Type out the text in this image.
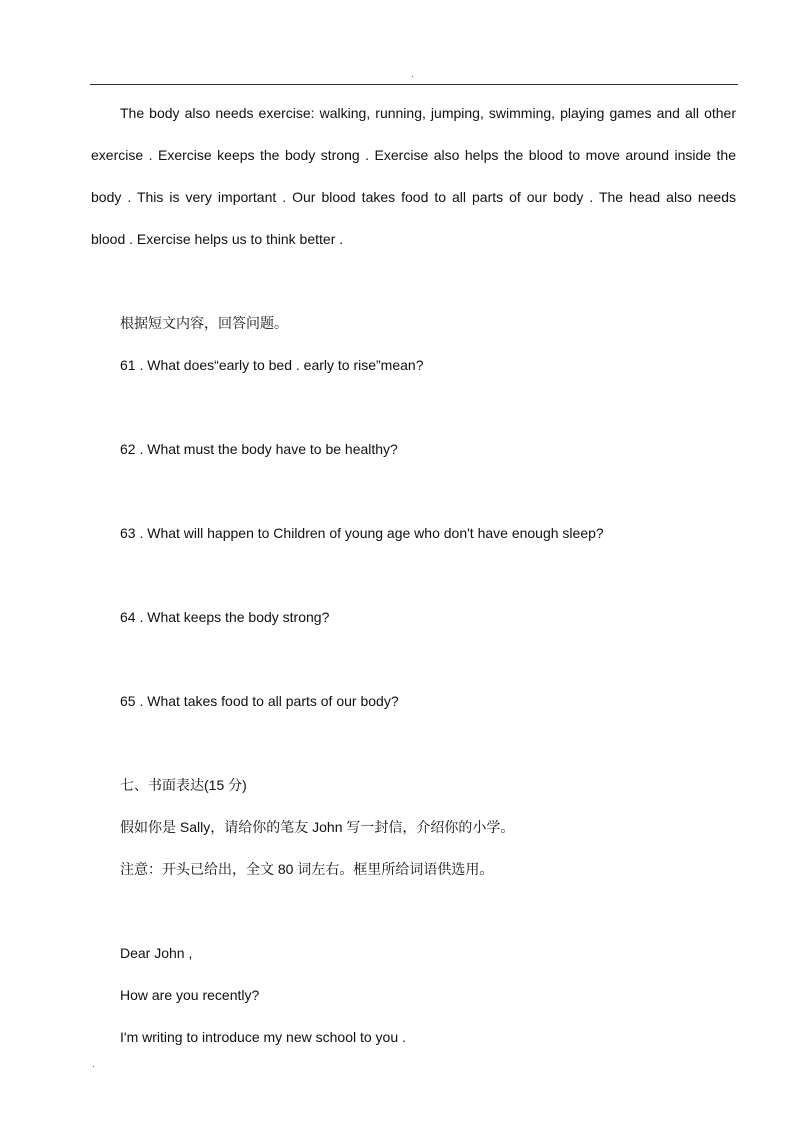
.
The body also needs exercise: walking, running, jumping, swimming, playing games and all other
exercise . Exercise keeps the body strong . Exercise also helps the blood to move around inside the
body . This is very important . Our blood takes food to all parts of our body . The head also needs
blood . Exercise helps us to think better .
根据短文内容，回答问题。
61 . What does“early to bed . early to rise”mean?
62 . What must the body have to be healthy?
63 . What will happen to Children of young age who don't have enough sleep?
64 . What keeps the body strong?
65 . What takes food to all parts of our body?
七、书面表达(15 分)
假如你是 Sally，请给你的笔友 John 写一封信，介绍你的小学。
注意：开头已给出，全文 80 词左右。框里所给词语供选用。
Dear John ,
How are you recently?
I'm writing to introduce my new school to you .
.
